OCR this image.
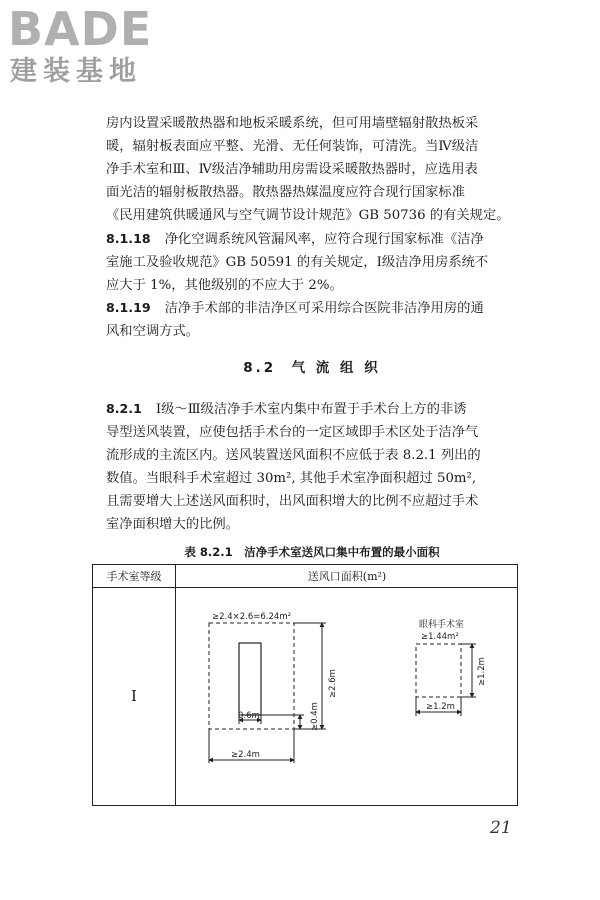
BADE
建装基地

房内设置采暖散热器和地板采暖系统，但可用墙壁辐射散热板采

暖，辐射板表面应平整、光滑、无任何装饰，可清洗。当Ⅳ级洁

净手术室和Ⅲ、Ⅳ级洁净辅助用房需设采暖散热器时，应选用表

面光洁的辐射板散热器。散热器热媒温度应符合现行国家标准

《民用建筑供暖通风与空气调节设计规范》GB 50736 的有关规定。

8.1.18 净化空调系统风管漏风率，应符合现行国家标准《洁净

室施工及验收规范》GB 50591 的有关规定，Ⅰ级洁净用房系统不

应大于 1%，其他级别的不应大于 2%。

8.1.19 洁净手术部的非洁净区可采用综合医院非洁净用房的通

风和空调方式。

8.2 气 流 组 织

8.2.1 Ⅰ级～Ⅲ级洁净手术室内集中布置于手术台上方的非诱

导型送风装置，应使包括手术台的一定区域即手术区处于洁净气

流形成的主流区内。送风装置送风面积不应低于表 8.2.1 列出的

数值。当眼科手术室超过 30m², 其他手术室净面积超过 50m²,

且需要增大上述送风面积时，出风面积增大的比例不应超过手术

室净面积增大的比例。

表 8.2.1　洁净手术室送风口集中布置的最小面积
手术室等级	送风口面积(m²)
Ⅰ
≥2.4×2.6=6.24m²
0.6m	≥0.4m
≥2.6m
≥2.4m
眼科手术室
≥1.44m²
≥1.2m
≥1.2m
21
